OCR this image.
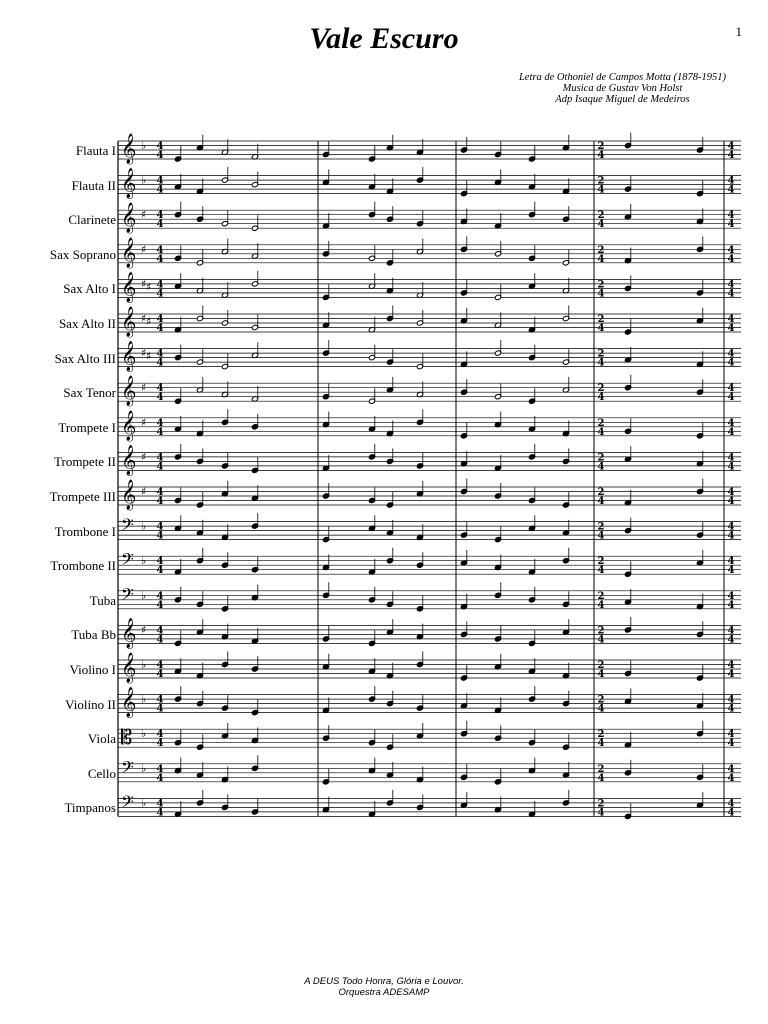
Vale Escuro	1
Letra de Othoniel de Campos Motta (1878-1951)
Musica de Gustav Von Holst
Adp Isaque Miguel de Medeiros
Flauta I
Flauta II
Clarinete
Sax Soprano
Sax Alto I
Sax Alto II
Sax Alto III
Sax Tenor
Trompete I
Trompete II
Trompete III
Trombone I
Trombone II
Tuba
Tuba Bb
Violino I
Violino II
Viola
Cello
Timpanos
𝄞 ♭ 4
4
2
4
4
4
𝄞 ♭ 4
4
2
4
4
4
𝄞 ♯ 4
4
2
4
4
4
𝄞 ♯ 4
4
2
4
4
4
𝄞 ♯ ♯ 4
4
2
4
4
4
𝄞 ♯ ♯ 4
4
2
4
4
4
𝄞 ♯ ♯ 4
4
2
4
4
4
𝄞 ♯ 4
4
2
4
4
4
𝄞 ♯ 4
4
2
4
4
4
𝄞 ♯ 4
4
2
4
4
4
𝄞 ♯ 4
4
2
4
4
4
𝄢 ♭ 4
4
2
4
4
4
𝄢 ♭ 4
4
2
4
4
4
𝄢 ♭ 4
4
2
4
4
4
𝄞 ♯ 4
4
2
4
4
4
𝄞 ♭ 4
4
2
4
4
4
𝄞 ♭ 4
4
2
4
4
4
𝄡 ♭ 4
4
2
4
4
4
𝄢 ♭ 4
4
2
4
4
4
𝄢 ♭ 4
4
2
4
4
4
A DEUS Todo Honra, Glória e Louvor.
Orquestra ADESAMP
